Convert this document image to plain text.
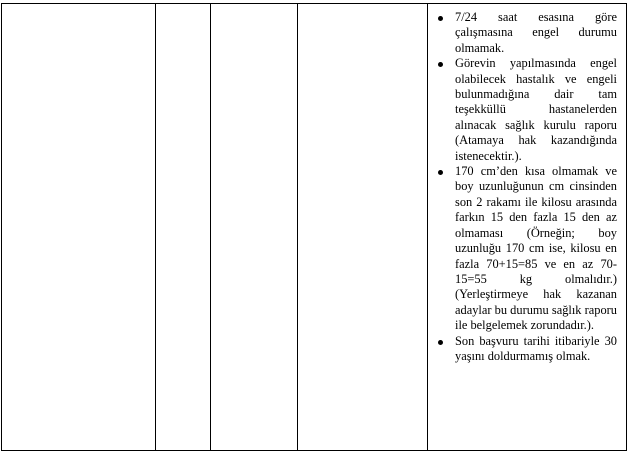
7/24 saat esasına göre çalışmasına engel durumu olmamak.
Görevin yapılmasında engel olabilecek hastalık ve engeli bulunmadığına dair tam teşekküllü hastanelerden alınacak sağlık kurulu raporu (Atamaya hak kazandığında istenecektir.).
170 cm’den kısa olmamak ve boy uzunluğunun cm cinsinden son 2 rakamı ile kilosu arasında farkın 15 den fazla 15 den az olmaması (Örneğin; boy uzunluğu 170 cm ise, kilosu en fazla 70+15=85 ve en az 70-15=55 kg olmalıdır.) (Yerleştirmeye hak kazanan adaylar bu durumu sağlık raporu ile belgelemek zorundadır.).
Son başvuru tarihi itibariyle 30 yaşını doldurmamış olmak.
